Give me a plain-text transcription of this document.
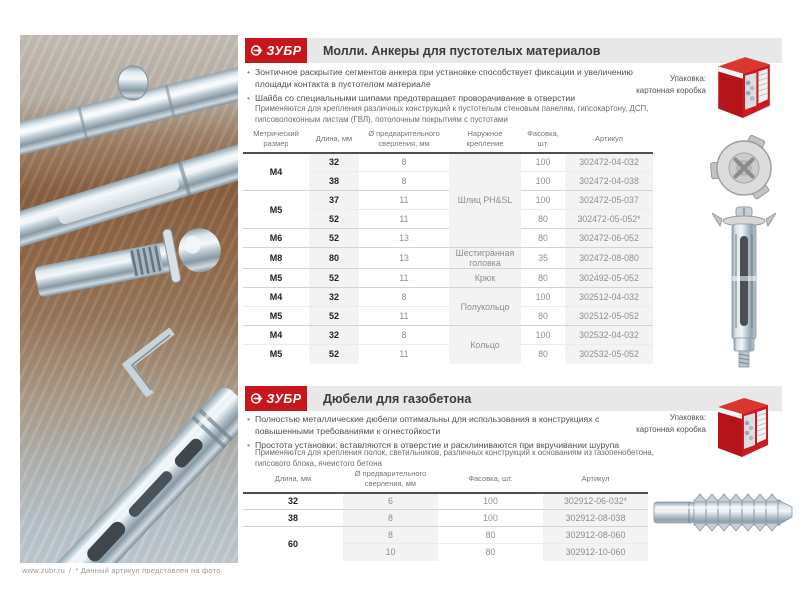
www.zubr.ru / * Данный артикул представлен на фото
ЗУБР Молли. Анкеры для пустотелых материалов
• Зонтичное раскрытие сегментов анкера при установке способствует фиксации и увеличению площади контакта в пустотелом материале
• Шайба со специальными шипами предотвращает проворачивание в отверстии
Применяются для крепления различных конструкций к пустотелым стеновым панелям, гипсокартону, ДСП, гипсоволоконным листам (ГВЛ), потолочным покрытиям с пустотами
Упаковка:
картонная коробка
Метрический размер	Длина, мм	Ø предварительного сверления, мм	Наружное крепление	Фасовка, шт.	Артикул
M4	32	8	Шлиц PH&SL	100	302472-04-032
	38	8		100	302472-04-038
M5	37	11		100	302472-05-037
	52	11		80	302472-05-052*
M6	52	13		80	302472-06-052
M8	80	13	Шестигранная головка	35	302472-08-080
M5	52	11	Крюк	80	302492-05-052
M4	32	8	Полукольцо	100	302512-04-032
M5	52	11		80	302512-05-052
M4	32	8	Кольцо	100	302532-04-032
M5	52	11		80	302532-05-052
ЗУБР Дюбели для газобетона
• Полностью металлические дюбели оптимальны для использования в конструкциях с повышенными требованиями к огнестойкости
• Простота установки: вставляются в отверстие и расклиниваются при вкручивании шурупа
Применяются для крепления полок, светильников, различных конструкций к основаниям из газопенобетона, гипсового блока, ячеистого бетона
Упаковка:
картонная коробка
Длина, мм	Ø предварительного сверления, мм	Фасовка, шт.	Артикул
32	6	100	302912-06-032*
38	8	100	302912-08-038
60	8	80	302912-08-060
	10	80	302912-10-060
